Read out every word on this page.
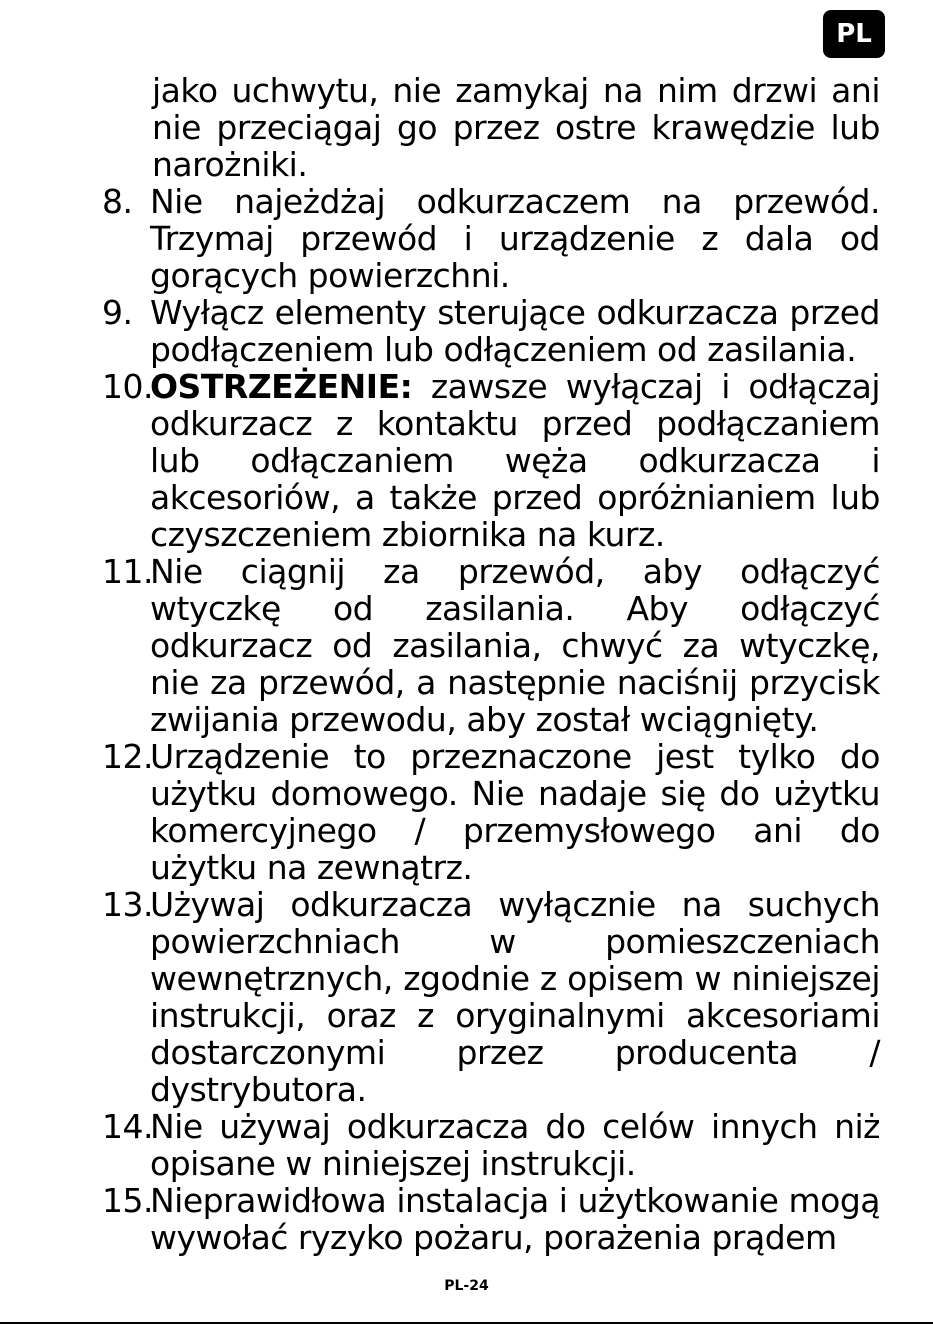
PL
jako uchwytu, nie zamykaj na nim drzwi ani nie przeciągaj go przez ostre krawędzie lub narożniki.
8. Nie najeżdżaj odkurzaczem na przewód. Trzymaj przewód i urządzenie z dala od gorących powierzchni.
9. Wyłącz elementy sterujące odkurzacza przed podłączeniem lub odłączeniem od zasilania.
10.
OSTRZEŻENIE: zawsze wyłączaj i odłączaj odkurzacz z kontaktu przed podłączaniem lub odłączaniem węża odkurzacza i akcesoriów, a także przed opróżnianiem lub czyszczeniem zbiornika na kurz.
11.
Nie ciągnij za przewód, aby odłączyć wtyczkę od zasilania. Aby odłączyć odkurzacz od zasilania, chwyć za wtyczkę, nie za przewód, a następnie naciśnij przycisk zwijania przewodu, aby został wciągnięty.
12.
Urządzenie to przeznaczone jest tylko do użytku domowego. Nie nadaje się do użytku komercyjnego / przemysłowego ani do użytku na zewnątrz.
13.
Używaj odkurzacza wyłącznie na suchych powierzchniach w pomieszczeniach wewnętrznych, zgodnie z opisem w niniejszej instrukcji, oraz z oryginalnymi akcesoriami dostarczonymi przez producenta / dystrybutora.
14.
Nie używaj odkurzacza do celów innych niż opisane w niniejszej instrukcji.
15.
Nieprawidłowa instalacja i użytkowanie mogą wywołać ryzyko pożaru, porażenia prądem
PL-24
